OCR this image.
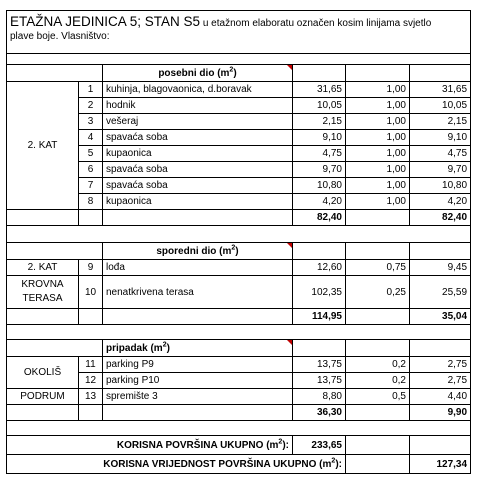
ETAŽNA JEDINICA 5; STAN S5 u etažnom elaboratu označen kosim linijama svjetlo
plave boje. Vlasništvo:					

		posebni dio $(m^2)$			
2. KAT	1	kuhinja, blagovaonica, d.boravak	31,65	1,00	31,65
	2	hodnik	10,05	1,00	10,05
	3	vešeraj	2,15	1,00	2,15
	4	spavaća soba	9,10	1,00	9,10
	5	kupaonica	4,75	1,00	4,75
	6	spavaća soba	9,70	1,00	9,70
	7	spavaća soba	10,80	1,00	10,80
	8	kupaonica	4,20	1,00	4,20
			82,40		82,40

		sporedni dio $(m^2)$			
2. KAT	9	lođa	12,60	0,75	9,45
KROVNA
TERASA	10	nenatkrivena terasa	102,35	0,25	25,59
			114,95		35,04

		pripadak $(m^2)$			
OKOLIŠ	11	parking P9	13,75	0,2	2,75
	12	parking P10	13,75	0,2	2,75
PODRUM	13	spremište 3	8,80	0,5	4,40
			36,30		9,90

KORISNA POVRŠINA UKUPNO $(m^2)$:			233,65		
KORISNA VRIJEDNOST POVRŠINA UKUPNO $(m^2)$:					127,34
